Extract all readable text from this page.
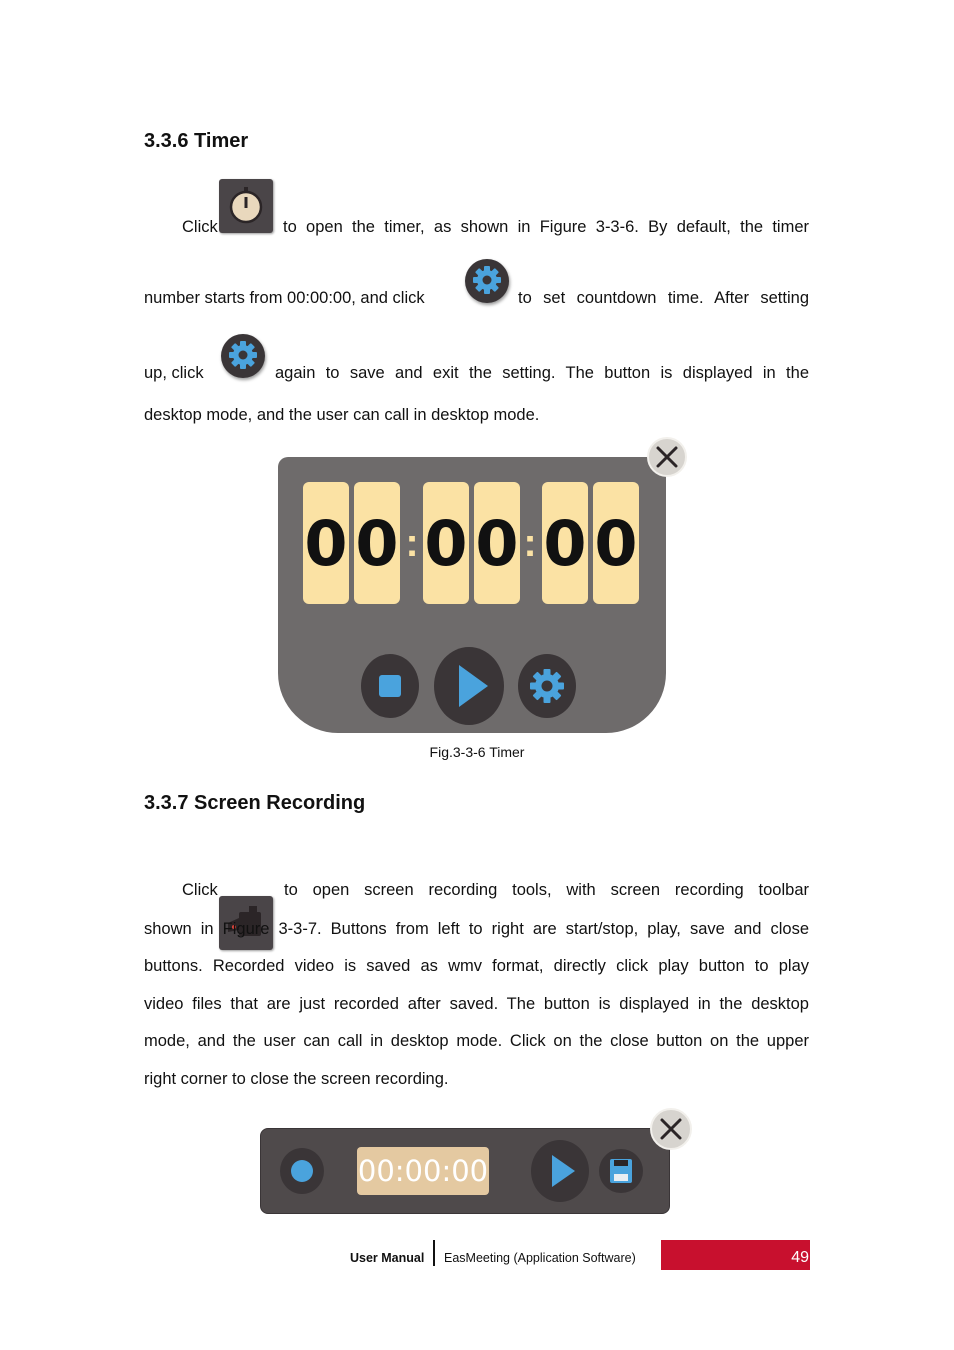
3.3.6 Timer
Click	to open the timer, as shown in Figure 3-3-6. By default, the timer
number starts from 00:00:00, and click	to set countdown time. After setting
up, click	again to save and exit the setting. The button is displayed in the
desktop mode, and the user can call in desktop mode.
0 0 : 0 0 : 0 0
Fig.3-3-6 Timer
3.3.7 Screen Recording
Click	to open screen recording tools, with screen recording toolbar
shown in Figure 3-3-7. Buttons from left to right are start/stop, play, save and close
buttons. Recorded video is saved as wmv format, directly click play button to play
video files that are just recorded after saved. The button is displayed in the desktop
mode, and the user can call in desktop mode. Click on the close button on the upper
right corner to close the screen recording.
00:00:00
User Manual EasMeeting (Application Software)	49
